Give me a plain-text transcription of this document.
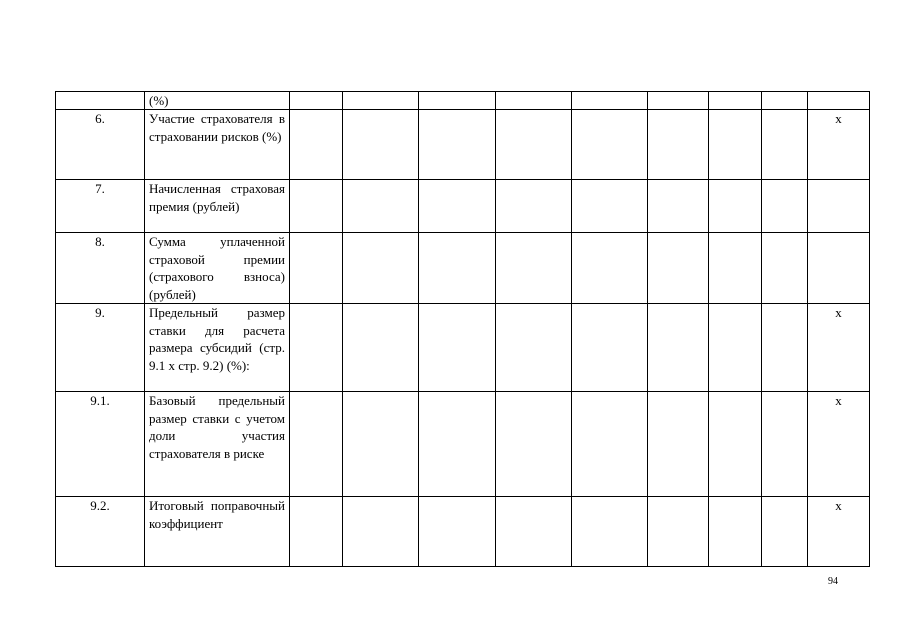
	(%)									
6.	Участие страхователя в страховании рисков (%)									х
7.	Начисленная страховая премия (рублей)									
8.	Сумма уплаченной страховой премии (страхового взноса) (рублей)									
9.	Предельный размер ставки для расчета размера субсидий (стр. 9.1 х стр. 9.2) (%):									х
9.1.	Базовый предельный размер ставки с учетом доли участия страхователя в риске									х
9.2.	Итоговый поправочный коэффициент									х
94
